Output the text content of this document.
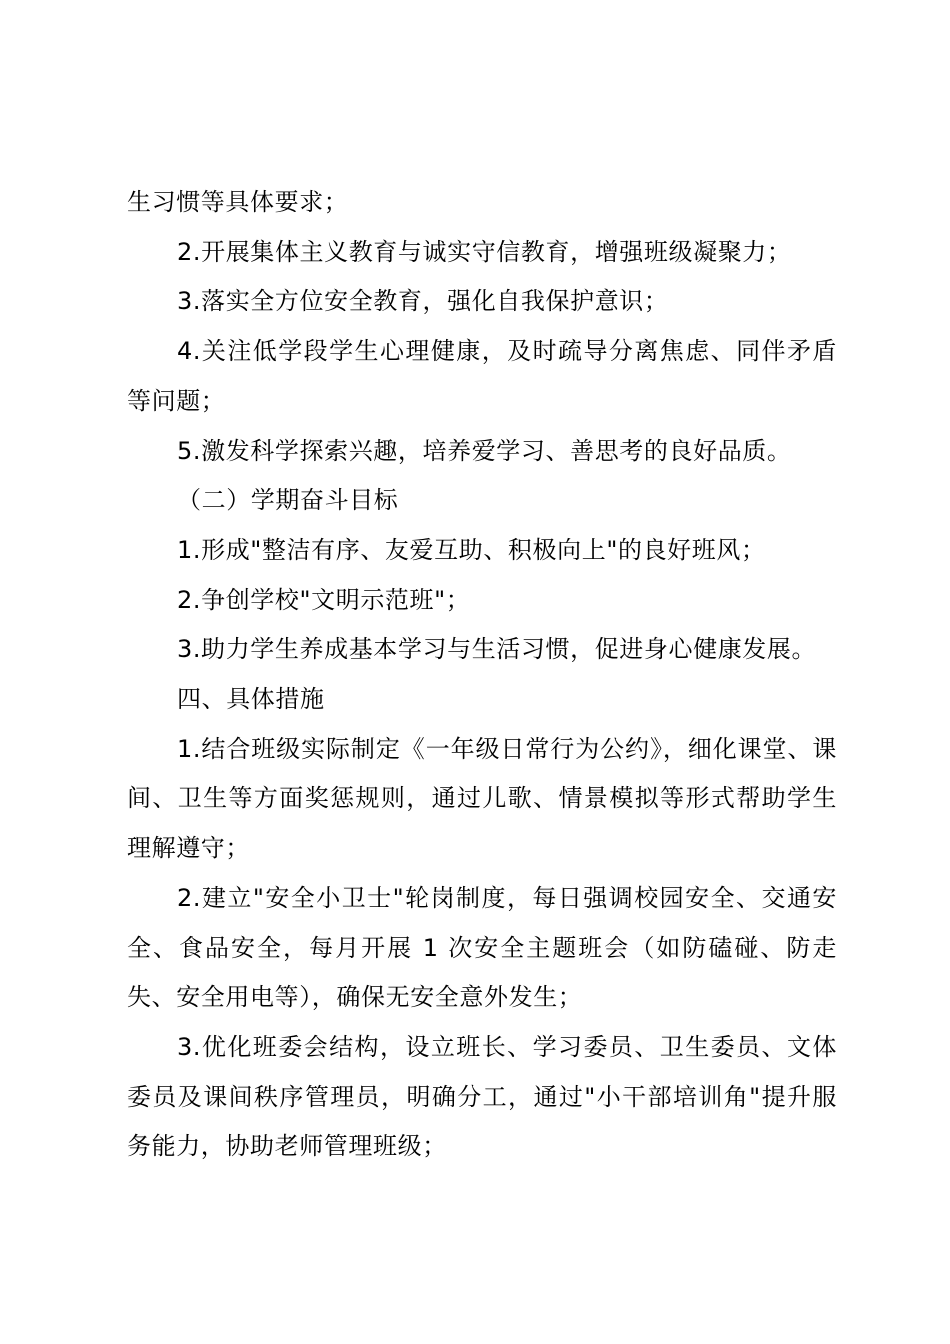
生习惯等具体要求；

2.开展集体主义教育与诚实守信教育，增强班级凝聚力；

3.落实全方位安全教育，强化自我保护意识；

4.关注低学段学生心理健康，及时疏导分离焦虑、同伴矛盾等问题；

5.激发科学探索兴趣，培养爱学习、善思考的良好品质。

（二）学期奋斗目标

1.形成"整洁有序、友爱互助、积极向上"的良好班风；

2.争创学校"文明示范班"；

3.助力学生养成基本学习与生活习惯，促进身心健康发展。

四、具体措施

1.结合班级实际制定《一年级日常行为公约》，细化课堂、课间、卫生等方面奖惩规则，通过儿歌、情景模拟等形式帮助学生理解遵守；

2.建立"安全小卫士"轮岗制度，每日强调校园安全、交通安全、食品安全，每月开展 1 次安全主题班会（如防磕碰、防走失、安全用电等），确保无安全意外发生；

3.优化班委会结构，设立班长、学习委员、卫生委员、文体委员及课间秩序管理员，明确分工，通过"小干部培训角"提升服务能力，协助老师管理班级；
